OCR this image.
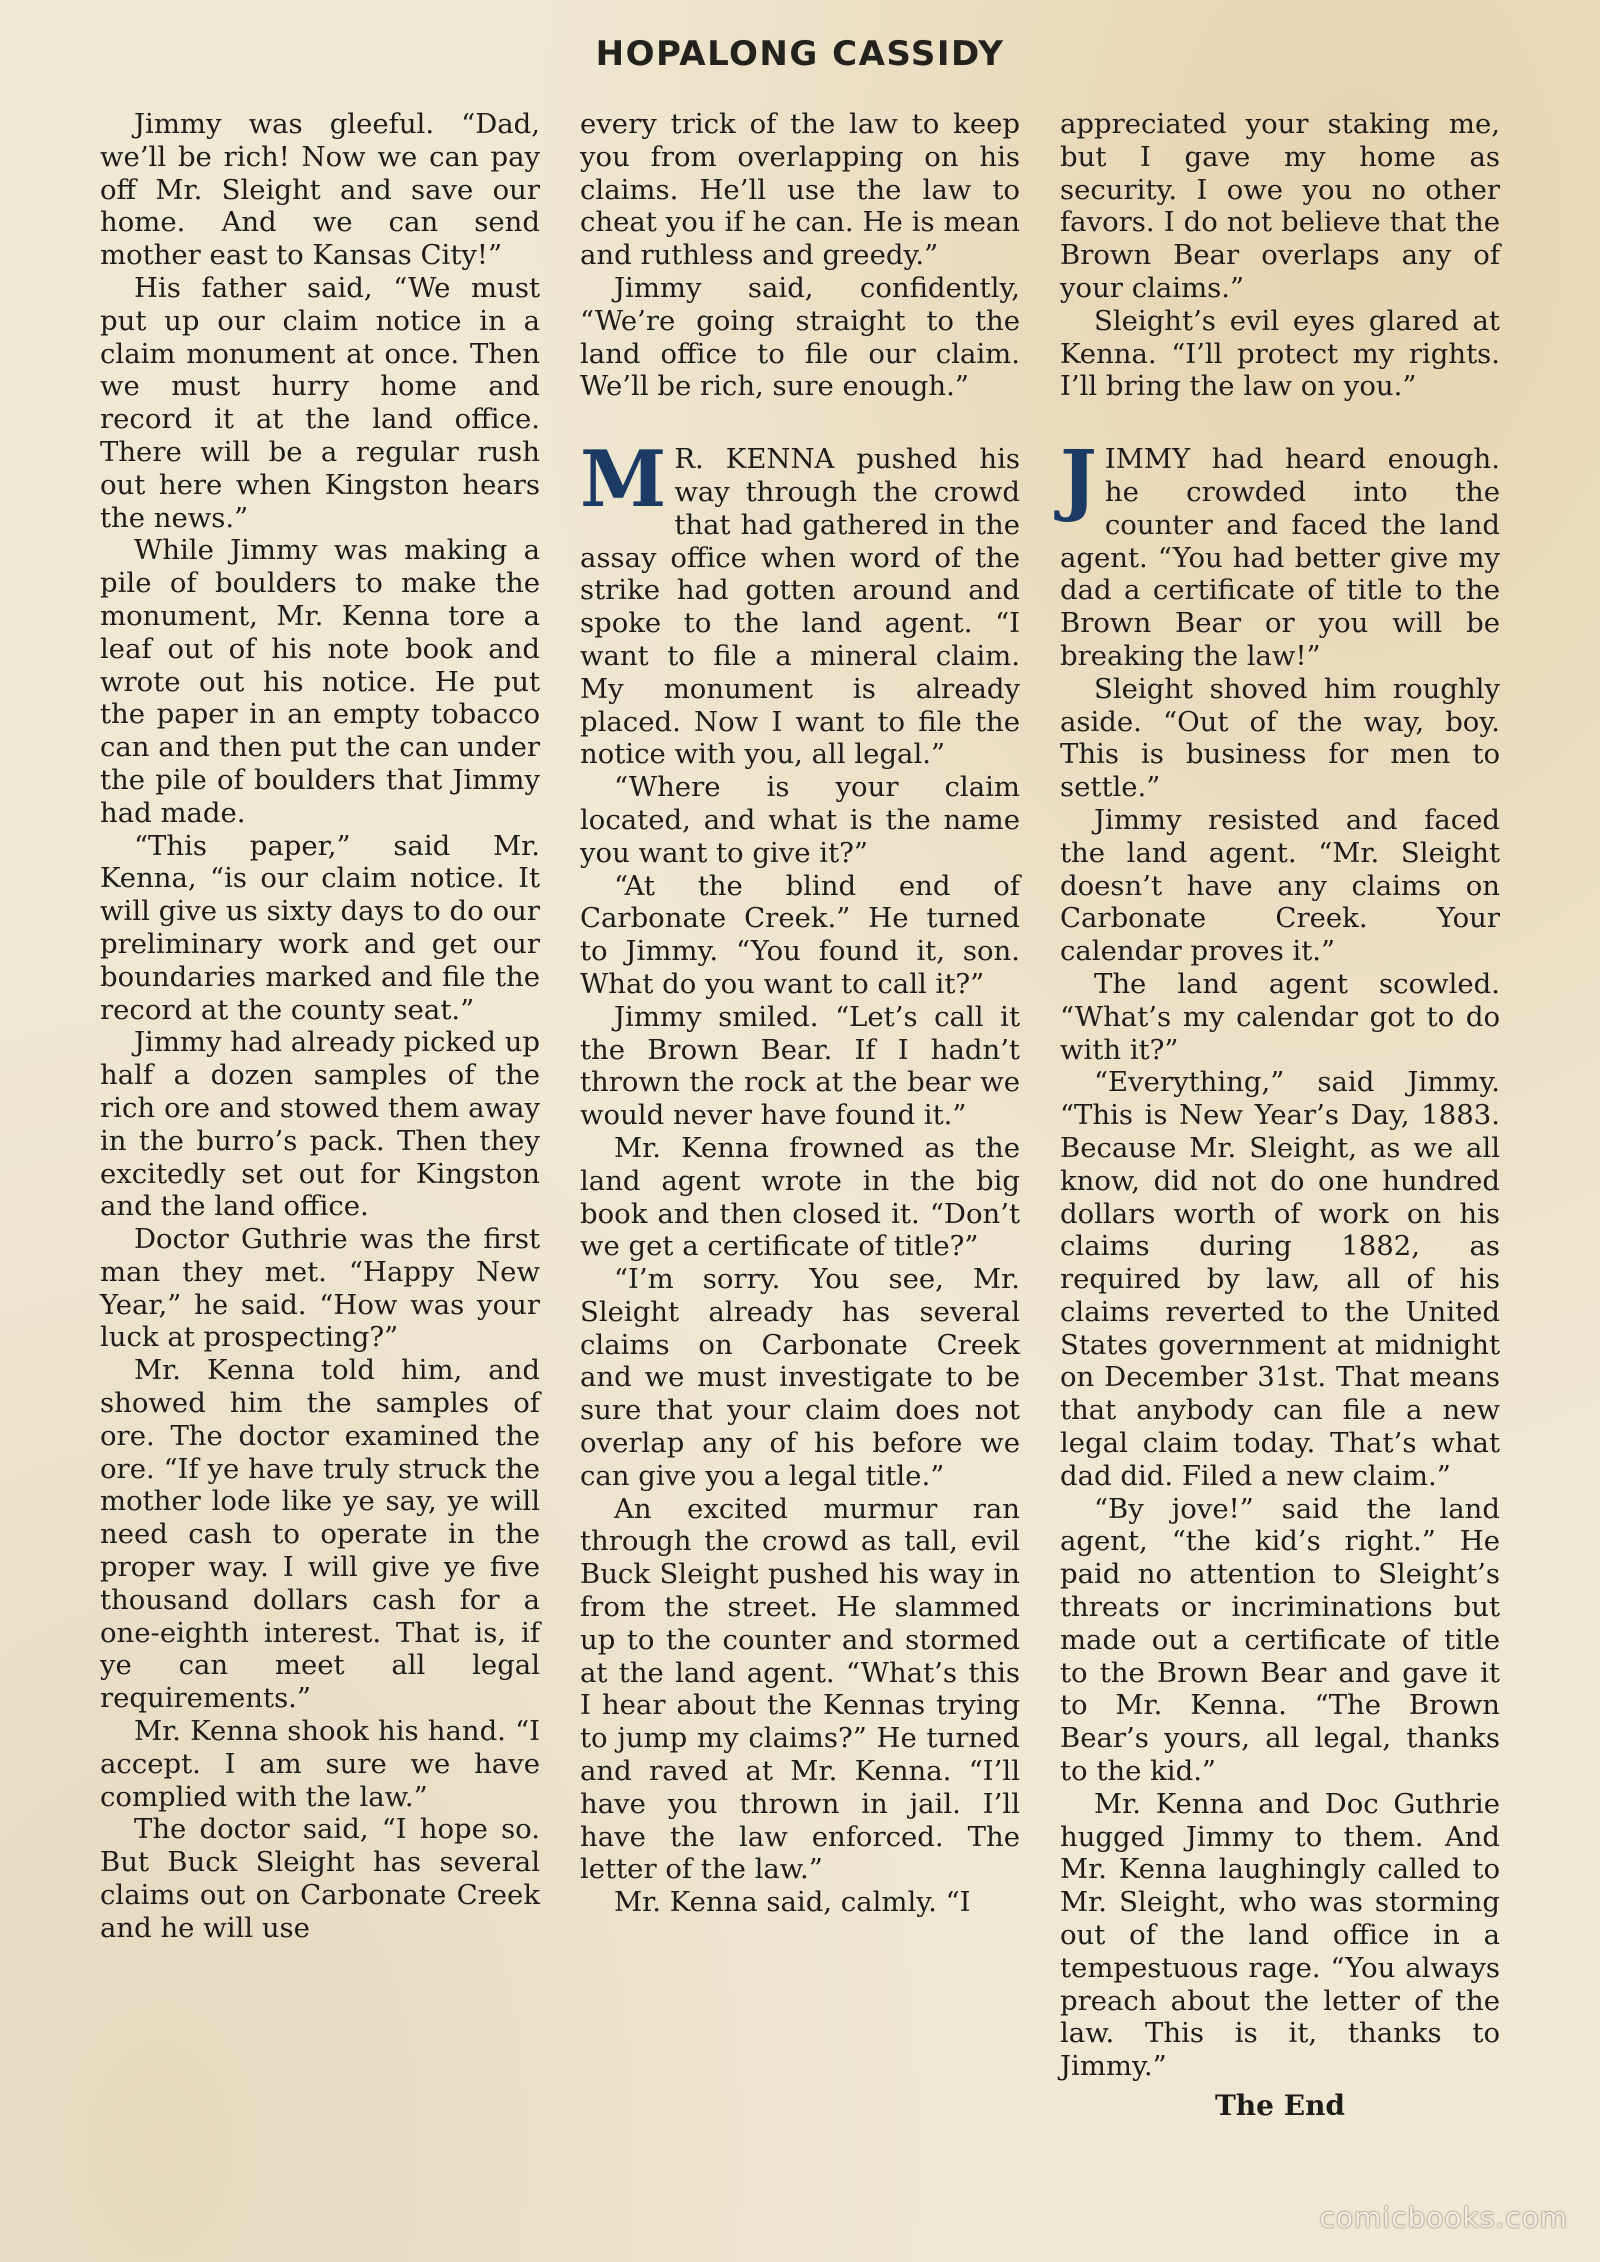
HOPALONG CASSIDY

Jimmy was gleeful. “Dad, we’ll be rich! Now we can pay off Mr. Sleight and save our home. And we can send mother east to Kansas City!”

His father said, “We must put up our claim notice in a claim monument at once. Then we must hurry home and record it at the land office. There will be a regular rush out here when Kingston hears the news.”

While Jimmy was making a pile of boulders to make the monument, Mr. Kenna tore a leaf out of his note book and wrote out his notice. He put the paper in an empty tobacco can and then put the can under the pile of boulders that Jimmy had made.

“This paper,” said Mr. Kenna, “is our claim notice. It will give us sixty days to do our preliminary work and get our boundaries marked and file the record at the county seat.”

Jimmy had already picked up half a dozen samples of the rich ore and stowed them away in the burro’s pack. Then they excitedly set out for Kingston and the land office.

Doctor Guthrie was the first man they met. “Happy New Year,” he said. “How was your luck at prospecting?”

Mr. Kenna told him, and showed him the samples of ore. The doctor examined the ore. “If ye have truly struck the mother lode like ye say, ye will need cash to operate in the proper way. I will give ye five thousand dollars cash for a one-eighth interest. That is, if ye can meet all legal requirements.”

Mr. Kenna shook his hand. “I accept. I am sure we have complied with the law.”

The doctor said, “I hope so. But Buck Sleight has several claims out on Carbonate Creek and he will use

every trick of the law to keep you from overlapping on his claims. He’ll use the law to cheat you if he can. He is mean and ruthless and greedy.”

Jimmy said, confidently, “We’re going straight to the land office to file our claim. We’ll be rich, sure enough.”

M R. KENNA pushed his way through the crowd that had gathered in the assay office when word of the strike had gotten around and spoke to the land agent. “I want to file a mineral claim. My monument is already placed. Now I want to file the notice with you, all legal.”

“Where is your claim located, and what is the name you want to give it?”

“At the blind end of Carbonate Creek.” He turned to Jimmy. “You found it, son. What do you want to call it?”

Jimmy smiled. “Let’s call it the Brown Bear. If I hadn’t thrown the rock at the bear we would never have found it.”

Mr. Kenna frowned as the land agent wrote in the big book and then closed it. “Don’t we get a certificate of title?”

“I’m sorry. You see, Mr. Sleight already has several claims on Carbonate Creek and we must investigate to be sure that your claim does not overlap any of his before we can give you a legal title.”

An excited murmur ran through the crowd as tall, evil Buck Sleight pushed his way in from the street. He slammed up to the counter and stormed at the land agent. “What’s this I hear about the Kennas trying to jump my claims?” He turned and raved at Mr. Kenna. “I’ll have you thrown in jail. I’ll have the law enforced. The letter of the law.”

Mr. Kenna said, calmly. “I

appreciated your staking me, but I gave my home as security. I owe you no other favors. I do not believe that the Brown Bear overlaps any of your claims.”

Sleight’s evil eyes glared at Kenna. “I’ll protect my rights. I’ll bring the law on you.”

JIMMY had heard enough. he crowded into the counter and faced the land agent. “You had better give my dad a certificate of title to the Brown Bear or you will be breaking the law!”

Sleight shoved him roughly aside. “Out of the way, boy. This is business for men to settle.”

Jimmy resisted and faced the land agent. “Mr. Sleight doesn’t have any claims on Carbonate Creek. Your calendar proves it.”

The land agent scowled. “What’s my calendar got to do with it?”

“Everything,” said Jimmy. “This is New Year’s Day, 1883. Because Mr. Sleight, as we all know, did not do one hundred dollars worth of work on his claims during 1882, as required by law, all of his claims reverted to the United States government at midnight on December 31st. That means that anybody can file a new legal claim today. That’s what dad did. Filed a new claim.”

“By jove!” said the land agent, “the kid’s right.” He paid no attention to Sleight’s threats or incriminations but made out a certificate of title to the Brown Bear and gave it to Mr. Kenna. “The Brown Bear’s yours, all legal, thanks to the kid.”

Mr. Kenna and Doc Guthrie hugged Jimmy to them. And Mr. Kenna laughingly called to Mr. Sleight, who was storming out of the land office in a tempestuous rage. “You always preach about the letter of the law. This is it, thanks to Jimmy.”

The End
comicbooks.com
